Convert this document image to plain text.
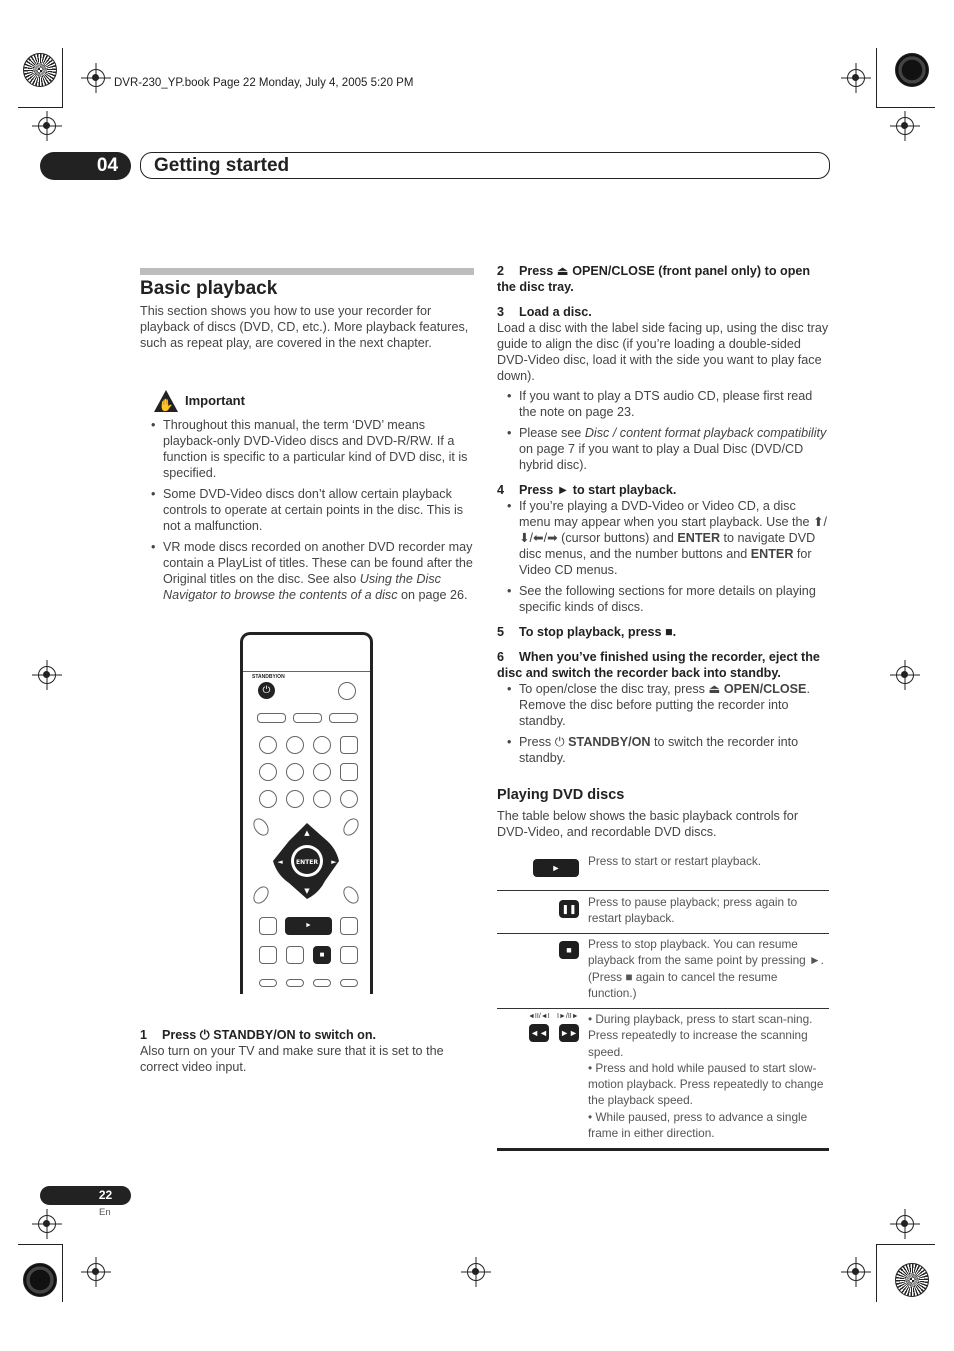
DVR-230_YP.book Page 22 Monday, July 4, 2005 5:20 PM
04	Getting started
Basic playback

This section shows you how to use your recorder for playback of discs (DVD, CD, etc.). More playback features, such as repeat play, are covered in the next chapter.

✋ Important
• Throughout this manual, the term ‘DVD’ means playback-only DVD-Video discs and DVD-R/RW. If a function is specific to a particular kind of DVD disc, it is specified.
• Some DVD-Video discs don’t allow certain playback controls to operate at certain points in the disc. This is not a malfunction.
• VR mode discs recorded on another DVD recorder may contain a PlayList of titles. These can be found after the Original titles on the disc. See also Using the Disc Navigator to browse the contents of a disc on page 26.
STANDBY/ON
⏻
ENTER
▲
▼
◄	►
►
■

1 Press ⏻ STANDBY/ON to switch on.

Also turn on your TV and make sure that it is set to the correct video input.

2 Press ⏏ OPEN/CLOSE (front panel only) to open the disc tray.

3 Load a disc.

Load a disc with the label side facing up, using the disc tray guide to align the disc (if you’re loading a double-sided DVD-Video disc, load it with the side you want to play face down).

• If you want to play a DTS audio CD, please first read the note on page 23.
• Please see Disc / content format playback compatibility on page 7 if you want to play a Dual Disc (DVD/CD hybrid disc).

4 Press ► to start playback.

• If you’re playing a DVD-Video or Video CD, a disc menu may appear when you start playback. Use the ⬆/⬇/⬅/➡ (cursor buttons) and ENTER to navigate DVD disc menus, and the number buttons and ENTER for Video CD menus.
• See the following sections for more details on playing specific kinds of discs.

5 To stop playback, press ■.

6 When you’ve finished using the recorder, eject the disc and switch the recorder back into standby.

• To open/close the disc tray, press ⏏ OPEN/CLOSE. Remove the disc before putting the recorder into standby.
• Press ⏻ STANDBY/ON to switch the recorder into standby.
Playing DVD discs

The table below shows the basic playback controls for DVD-Video, and recordable DVD discs.

►	Press to start or restart playback.
❚❚ Press to pause playback; press again to restart playback.
■	Press to stop playback. You can resume playback from the same point by pressing ►. (Press ■ again to cancel the resume function.)
◄II/◄I I►/II►
◄◄ ►►
• During playback, press to start scan-ning. Press repeatedly to increase the scanning speed.
• Press and hold while paused to start slow-motion playback. Press repeatedly to change the playback speed.
• While paused, press to advance a single frame in either direction.
22
En
